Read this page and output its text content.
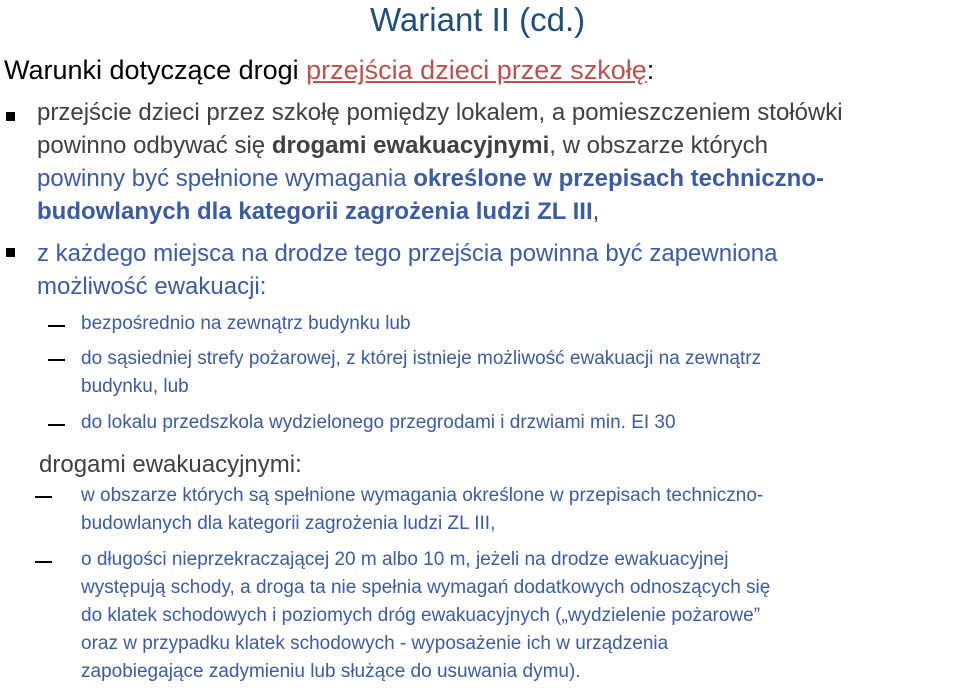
Wariant II (cd.)
Warunki dotyczące drogi przejścia dzieci przez szkołę:
przejście dzieci przez szkołę pomiędzy lokalem, a pomieszczeniem stołówki
powinno odbywać się drogami ewakuacyjnymi, w obszarze których
powinny być spełnione wymagania określone w przepisach techniczno-
budowlanych dla kategorii zagrożenia ludzi ZL III,
z każdego miejsca na drodze tego przejścia powinna być zapewniona
możliwość ewakuacji:
bezpośrednio na zewnątrz budynku lub
do sąsiedniej strefy pożarowej, z której istnieje możliwość ewakuacji na zewnątrz
budynku, lub
do lokalu przedszkola wydzielonego przegrodami i drzwiami min. EI 30
drogami ewakuacyjnymi:
w obszarze których są spełnione wymagania określone w przepisach techniczno-
budowlanych dla kategorii zagrożenia ludzi ZL III,
o długości nieprzekraczającej 20 m albo 10 m, jeżeli na drodze ewakuacyjnej
występują schody, a droga ta nie spełnia wymagań dodatkowych odnoszących się
do klatek schodowych i poziomych dróg ewakuacyjnych („wydzielenie pożarowe”
oraz w przypadku klatek schodowych - wyposażenie ich w urządzenia
zapobiegające zadymieniu lub służące do usuwania dymu).
